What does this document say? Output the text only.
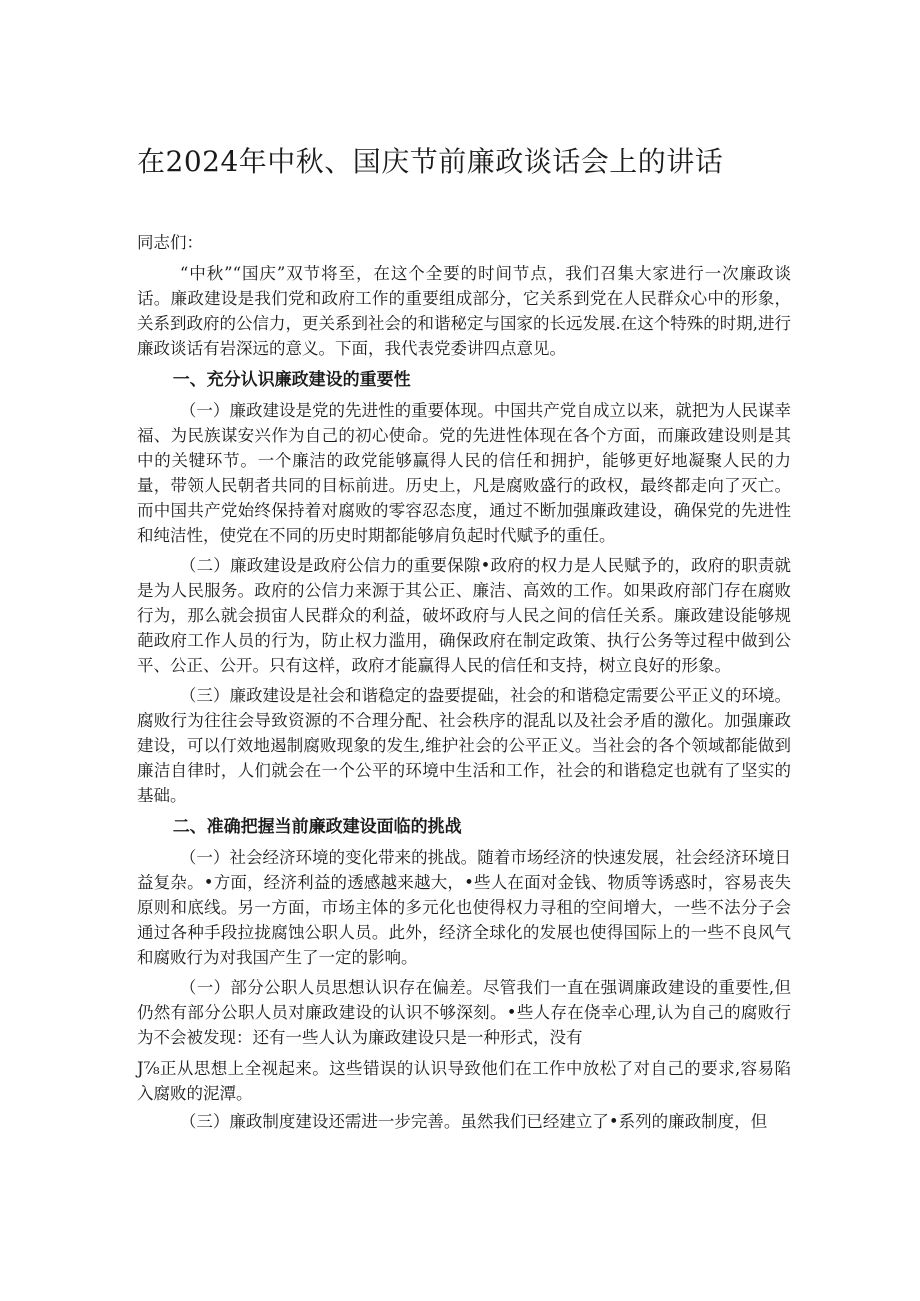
在2024年中秋、国庆节前廉政谈话会上的讲话

同志们：

“中秋”“国庆”双节将至，在这个全要的时间节点，我们召集大家进行一次廉政谈话。廉政建设是我们党和政府工作的重要组成部分，它关系到党在人民群众心中的形象，关系到政府的公信力，更关系到社会的和谐秘定与国家的长远发展.在这个特殊的时期,进行廉政谈话有岩深远的意义。下面，我代表党委讲四点意见。

一、充分认识廉政建设的重要性

（一）廉政建设是党的先进性的重要体现。中国共产党自成立以来，就把为人民谋幸福、为民族谋安兴作为自己的初心使命。党的先进性体现在各个方面，而廉政建设则是其中的关犍环节。一个廉洁的政党能够赢得人民的信任和拥护，能够更好地凝聚人民的力量，带领人民朝者共同的目标前进。历史上，凡是腐败盛行的政权，最终都走向了灭亡。而中国共产党始终保持着对腐败的零容忍态度，通过不断加强廉政建设，确保党的先进性和纯洁性，使党在不同的历史时期都能够肩负起时代赋予的重任。

（二）廉政建设是政府公信力的重要保隙•政府的权力是人民赋予的，政府的职责就是为人民服务。政府的公信力来源于其公正、廉洁、高效的工作。如果政府部门存在腐败行为，那么就会损宙人民群众的利益，破坏政府与人民之间的信任关系。廉政建设能够规葩政府工作人员的行为，防止权力滥用，确保政府在制定政策、执行公务等过程中做到公平、公正、公开。只有这样，政府才能赢得人民的信任和支持，树立良好的形象。

（三）廉政建设是社会和谐稳定的盎要提础，社会的和谐稳定需要公平正义的环境。腐败行为往往会导致资源的不合理分配、社会秩序的混乱以及社会矛盾的激化。加强廉政建设，可以仃效地遏制腐败现象的发生,维护社会的公平正义。当社会的各个领域都能做到廉洁自律时，人们就会在一个公平的环境中生活和工作，社会的和谐稳定也就有了坚实的基础。

二、准确把握当前廉政建设面临的挑战

（一）社会经济环境的变化带来的挑战。随着市场经济的快速发展，社会经济环境日益复杂。•方面，经济利益的透感越来越大，•些人在面对金钱、物质等诱惑时，容易丧失原则和底线。另一方面，市场主体的多元化也使得权力寻租的空间增大，一些不法分子会通过各种手段拉拢腐蚀公职人员。此外，经济全球化的发展也使得国际上的一些不良风气和腐败行为对我国产生了一定的影响。

（一）部分公职人员思想认识存在偏差。尽管我们一直在强调廉政建设的重要性,但仍然有部分公职人员对廉政建设的认识不够深刻。•些人存在侥幸心理,认为自己的腐败行为不会被发现：还有一些人认为廉政建设只是一种形式，没有

J⅞正从思想上全视起来。这些错误的认识导致他们在工作中放松了对自己的要求,容易陷入腐败的泥潭。

（三）廉政制度建设还需进一步完善。虽然我们已经建立了•系列的廉政制度，但
